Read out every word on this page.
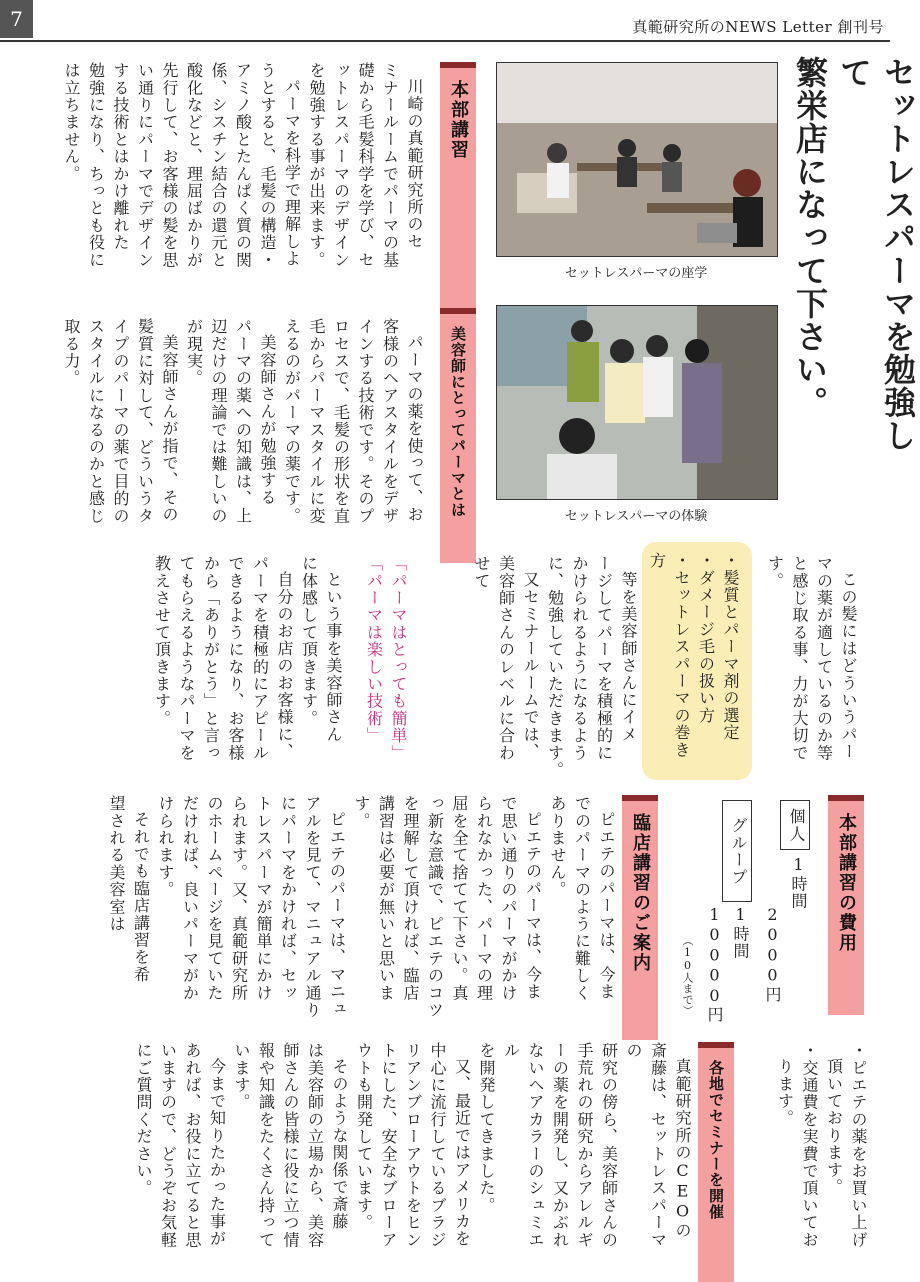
7	真範研究所のNEWS Letter 創刊号
セットレスパーマを勉強して
繁栄店になって下さい。
セットレスパーマの座学
セットレスパーマの体験
本部講習
川崎の真範研究所のセ
ミナールームでパーマの基
礎から毛髪科学を学び、セ
ットレスパーマのデザイン
を勉強する事が出来ます。
パーマを科学で理解しよ
うとすると、毛髪の構造・
アミノ酸とたんぱく質の関
係、シスチン結合の還元と
酸化などと、理屈ばかりが
先行して、お客様の髪を思
い通りにパーマでデザイン
する技術とはかけ離れた
勉強になり、ちっとも役に
は立ちません。
美容師にとってパーマとは
パーマの薬を使って、お
客様のヘアスタイルをデザ
インする技術です。そのプ
ロセスで、毛髪の形状を直
毛からパーマスタイルに変
えるのがパーマの薬です。
美容師さんが勉強する
パーマの薬への知識は、上
辺だけの理論では難しいの
が現実。
美容師さんが指で、その
髪質に対して、どういうタ
イプのパーマの薬で目的の
スタイルになるのかと感じ
取る力。
この髪にはどういうパー
マの薬が適しているのか等
と感じ取る事、力が大切で
す。
・髪質とパーマ剤の選定
・ダメージ毛の扱い方
・セットレスパーマの巻き方
等を美容師さんにイメ
ージしてパーマを積極的に
かけられるようになるよう
に、勉強していただきます。
又セミナールームでは、
美容師さんのレベルに合わ
せて
「パーマはとっても簡単」
「パーマは楽しい技術」
という事を美容師さん
に体感して頂きます。
自分のお店のお客様に、
パーマを積極的にアピール
できるようになり、お客様
から「ありがとう」と言っ
てもらえるようなパーマを
教えさせて頂きます。
本部講習の費用
個人
1時間
2000円
グループ
1時間
10000円
（10人まで）
臨店講習のご案内
ピエテのパーマは、今ま
でのパーマのように難しく
ありません。
ピエテのパーマは、今ま
で思い通りのパーマがかけ
られなかった、パーマの理
屈を全て捨てて下さい。真
っ新な意識で、ピエテのコツ
を理解して頂ければ、臨店
講習は必要が無いと思いま
す。
ピエテのパーマは、マニュ
アルを見て、マニュアル通り
にパーマをかければ、セッ
トレスパーマが簡単にかけ
られます。又、真範研究所
のホームページを見ていた
だければ、良いパーマがか
けられます。
それでも臨店講習を希
望される美容室は
・ピエテの薬をお買い上げ
頂いております。
・交通費を実費で頂いてお
ります。
各地でセミナーを開催
真範研究所のCEOの
斎藤は、セットレスパーマの
研究の傍ら、美容師さんの
手荒れの研究からアレルギ
ーの薬を開発し、又かぶれ
ないヘアカラーのシュミエル
を開発してきました。
又、最近ではアメリカを
中心に流行しているブラジ
リアンブローアウトをヒン
トにした、安全なブローア
ウトも開発しています。
そのような関係で斎藤
は美容師の立場から、美容
師さんの皆様に役に立つ情
報や知識をたくさん持って
います。
今まで知りたかった事が
あれば、お役に立てると思
いますので、どうぞお気軽
にご質問ください。
